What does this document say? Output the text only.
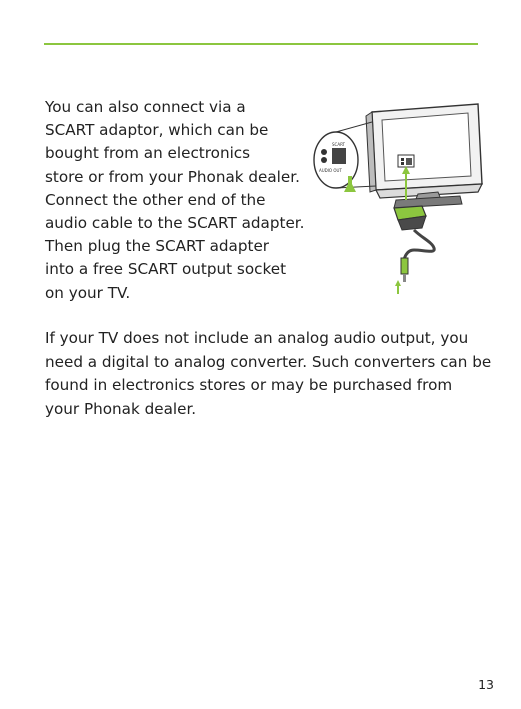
You can also connect via a
SCART adaptor, which can be
bought from an electronics
store or from your Phonak dealer.
Connect the other end of the
audio cable to the SCART adapter.
Then plug the SCART adapter
into a free SCART output socket
on your TV.
AUDIO OUT
SCART
If your TV does not include an analog audio output, you
need a digital to analog converter. Such converters can be
found in electronics stores or may be purchased from
your Phonak dealer.
13
